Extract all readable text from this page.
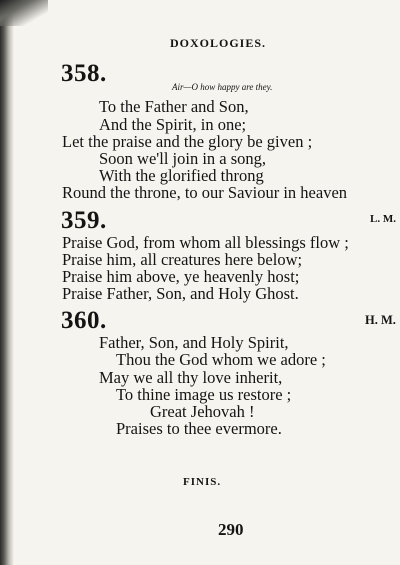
DOXOLOGIES.
358.	Air—O how happy are they.
To the Father and Son,
And the Spirit, in one;
Let the praise and the glory be given ;
Soon we'll join in a song,
With the glorified throng
Round the throne, to our Saviour in heaven
359.	L. M.
Praise God, from whom all blessings flow ;
Praise him, all creatures here below;
Praise him above, ye heavenly host;
Praise Father, Son, and Holy Ghost.
360.	H. M.
Father, Son, and Holy Spirit,
Thou the God whom we adore ;
May we all thy love inherit,
To thine image us restore ;
Great Jehovah !
Praises to thee evermore.
FINIS.
290
